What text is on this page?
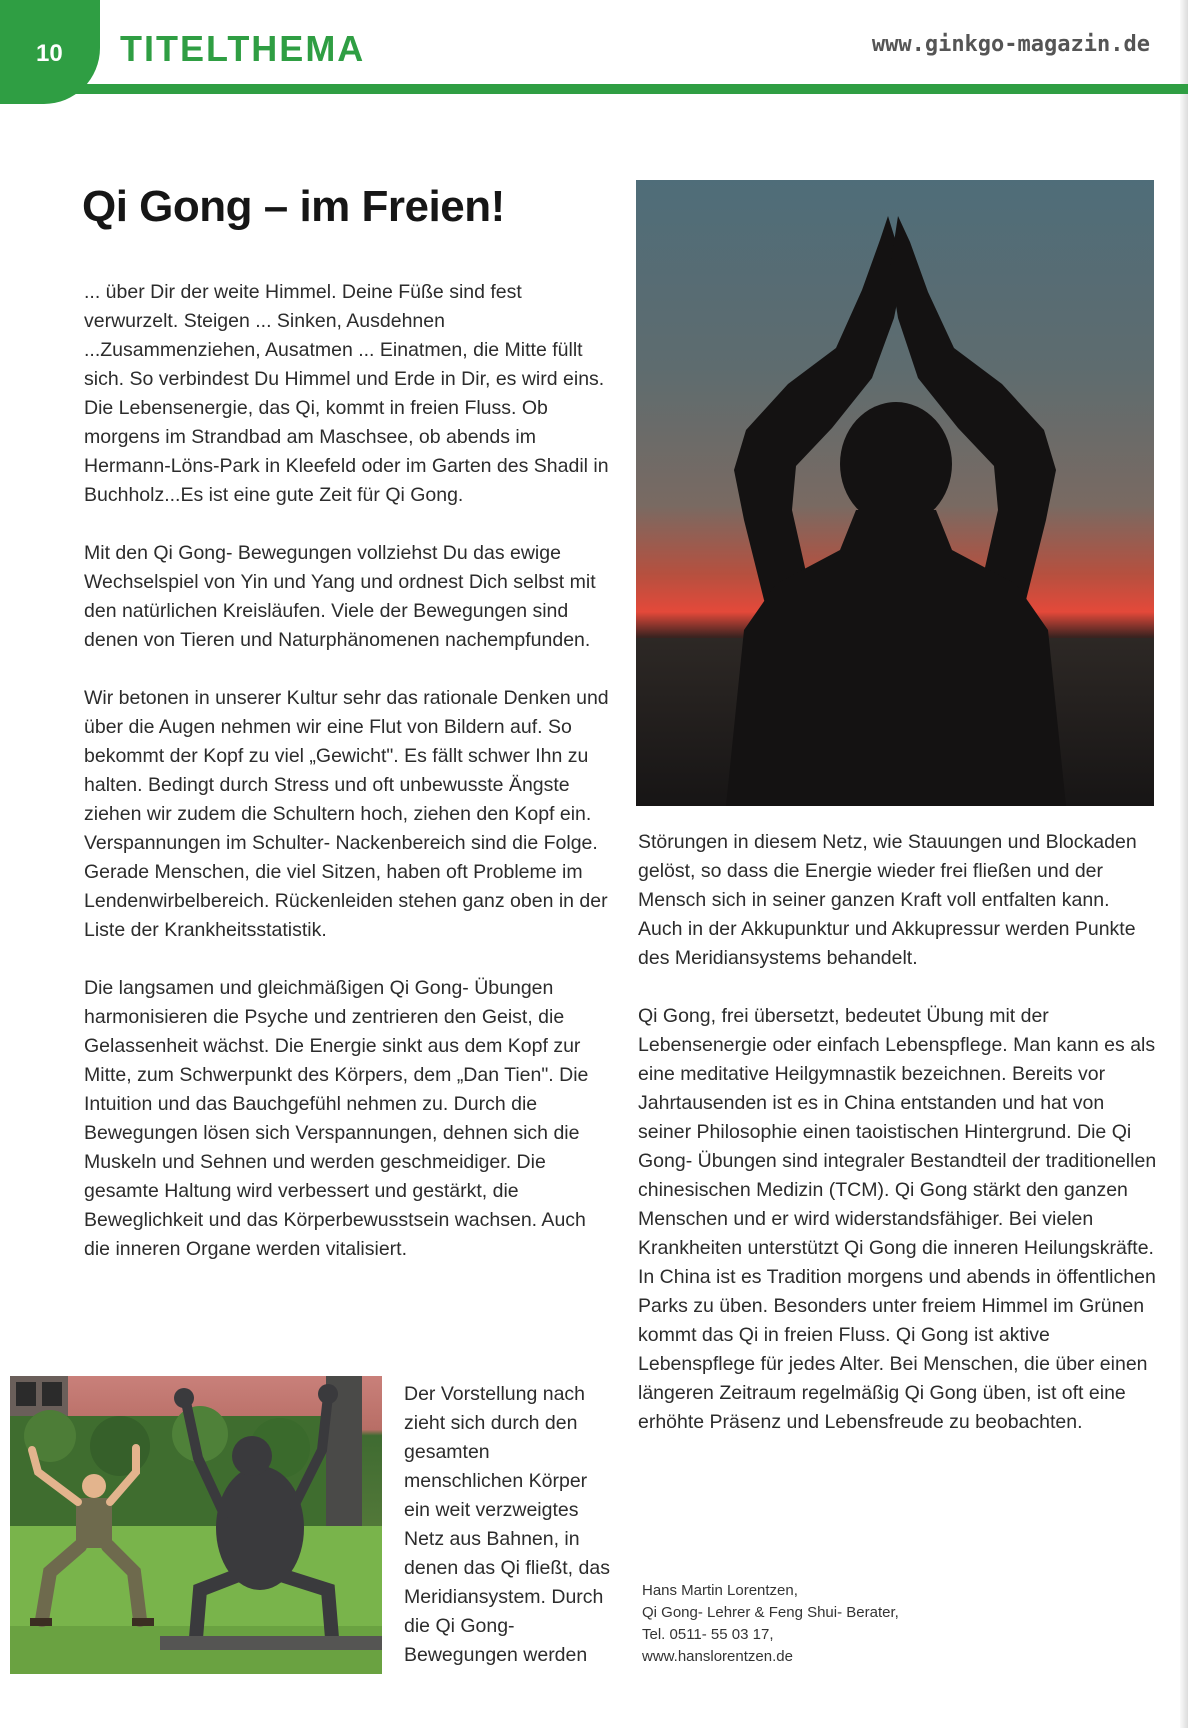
10 TITELTHEMA	www.ginkgo-magazin.de
Qi Gong – im Freien!

... über Dir der weite Himmel. Deine Füße sind fest verwurzelt. Steigen ... Sinken, Ausdehnen ...Zusammenziehen, Ausatmen ... Einatmen, die Mitte füllt sich. So verbindest Du Himmel und Erde in Dir, es wird eins. Die Lebensenergie, das Qi, kommt in freien Fluss. Ob morgens im Strandbad am Maschsee, ob abends im Hermann-Löns-Park in Kleefeld oder im Garten des Shadil in Buchholz...Es ist eine gute Zeit für Qi Gong.

Mit den Qi Gong- Bewegungen vollziehst Du das ewige Wechselspiel von Yin und Yang und ordnest Dich selbst mit den natürlichen Kreisläufen. Viele der Bewegungen sind denen von Tieren und Naturphänomenen nachempfunden.

Wir betonen in unserer Kultur sehr das rationale Denken und über die Augen nehmen wir eine Flut von Bildern auf. So bekommt der Kopf zu viel „Gewicht". Es fällt schwer Ihn zu halten. Bedingt durch Stress und oft unbewusste Ängste ziehen wir zudem die Schultern hoch, ziehen den Kopf ein. Verspannungen im Schulter- Nackenbereich sind die Folge. Gerade Menschen, die viel Sitzen, haben oft Probleme im Lendenwirbelbereich. Rückenleiden stehen ganz oben in der Liste der Krankheitsstatistik.

Die langsamen und gleichmäßigen Qi Gong- Übungen harmonisieren die Psyche und zentrieren den Geist, die Gelassenheit wächst. Die Energie sinkt aus dem Kopf zur Mitte, zum Schwerpunkt des Körpers, dem „Dan Tien". Die Intuition und das Bauchgefühl nehmen zu. Durch die Bewegungen lösen sich Verspannungen, dehnen sich die Muskeln und Sehnen und werden geschmeidiger. Die gesamte Haltung wird verbessert und gestärkt, die Beweglichkeit und das Körperbewusstsein wachsen. Auch die inneren Organe werden vitalisiert.

Der Vorstellung nach zieht sich durch den gesamten menschlichen Körper ein weit verzweigtes Netz aus Bahnen, in denen das Qi fließt, das Meridiansystem. Durch die Qi Gong-Bewegungen werden

Störungen in diesem Netz, wie Stauungen und Blockaden gelöst, so dass die Energie wieder frei fließen und der Mensch sich in seiner ganzen Kraft voll entfalten kann. Auch in der Akkupunktur und Akkupressur werden Punkte des Meridiansystems behandelt.

Qi Gong, frei übersetzt, bedeutet Übung mit der Lebensenergie oder einfach Lebenspflege. Man kann es als eine meditative Heilgymnastik bezeichnen. Bereits vor Jahrtausenden ist es in China entstanden und hat von seiner Philosophie einen taoistischen Hintergrund. Die Qi Gong- Übungen sind integraler Bestandteil der traditionellen chinesischen Medizin (TCM). Qi Gong stärkt den ganzen Menschen und er wird widerstandsfähiger. Bei vielen Krankheiten unterstützt Qi Gong die inneren Heilungskräfte. In China ist es Tradition morgens und abends in öffentlichen Parks zu üben. Besonders unter freiem Himmel im Grünen kommt das Qi in freien Fluss. Qi Gong ist aktive Lebenspflege für jedes Alter. Bei Menschen, die über einen längeren Zeitraum regelmäßig Qi Gong üben, ist oft eine erhöhte Präsenz und Lebensfreude zu beobachten.

Hans Martin Lorentzen,
Qi Gong- Lehrer & Feng Shui- Berater,
Tel. 0511- 55 03 17,
www.hanslorentzen.de
